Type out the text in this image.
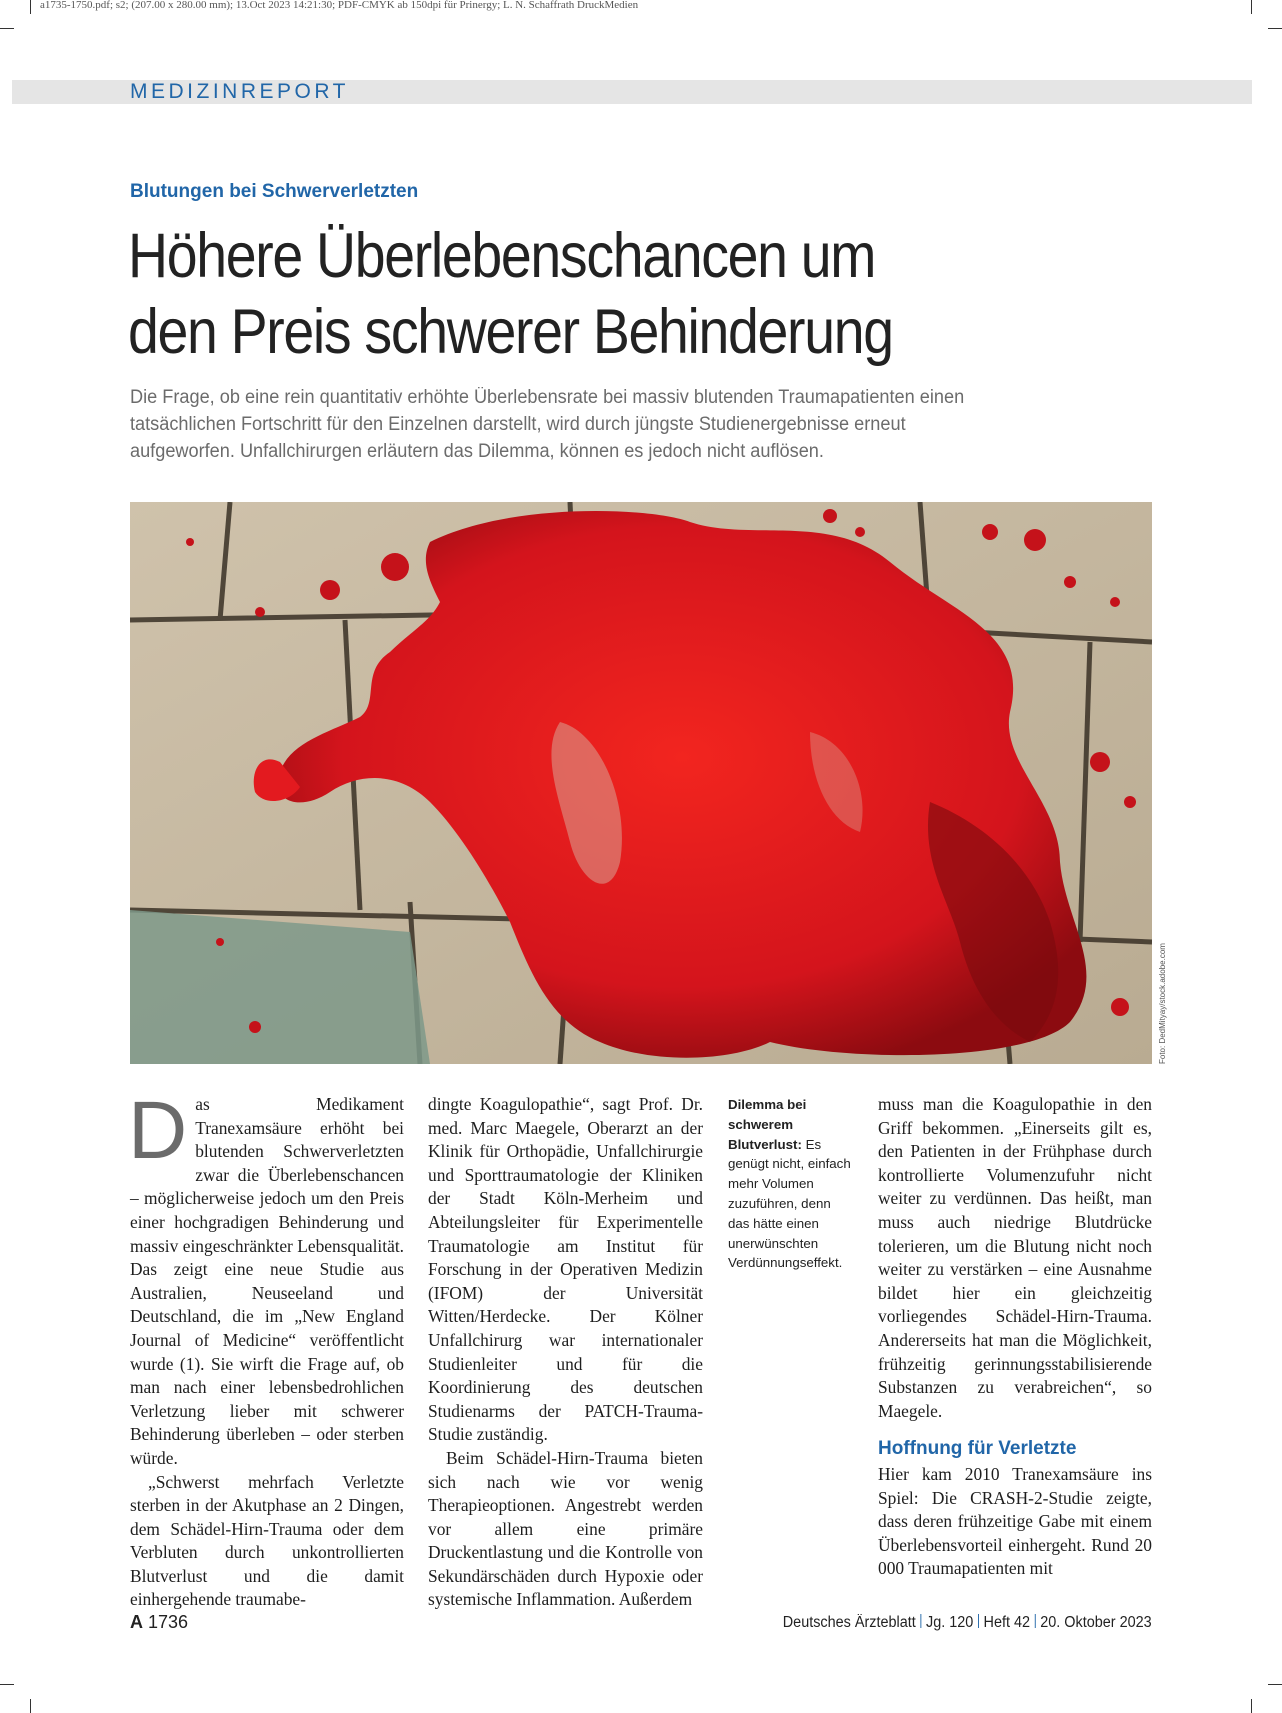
a1735-1750.pdf; s2; (207.00 x 280.00 mm); 13.Oct 2023 14:21:30; PDF-CMYK ab 150dpi für Prinergy; L. N. Schaffrath DruckMedien
MEDIZINREPORT
Blutungen bei Schwerverletzten
Höhere Überlebenschancen um
den Preis schwerer Behinderung
Die Frage, ob eine rein quantitativ erhöhte Überlebensrate bei massiv blutenden Traumapatienten einen tatsächlichen Fortschritt für den Einzelnen darstellt, wird durch jüngste Studienergebnisse erneut aufgeworfen. Unfallchirurgen erläutern das Dilemma, können es jedoch nicht auflösen.
Foto: DedMityay/stock.adobe.com

Das Medikament Tranexamsäure erhöht bei blutenden Schwerverletzten zwar die Überlebenschancen – möglicherweise jedoch um den Preis einer hochgradigen Behinderung und massiv eingeschränkter Lebensqualität. Das zeigt eine neue Studie aus Australien, Neuseeland und Deutschland, die im „New England Journal of Medicine“ veröffentlicht wurde (1). Sie wirft die Frage auf, ob man nach einer lebensbedrohlichen Verletzung lieber mit schwerer Behinderung überleben – oder sterben würde.

„Schwerst mehrfach Verletzte sterben in der Akutphase an 2 Dingen, dem Schädel-Hirn-Trauma oder dem Verbluten durch unkontrollierten Blutverlust und die damit einhergehende traumabe-

dingte Koagulopathie“, sagt Prof. Dr. med. Marc Maegele, Oberarzt an der Klinik für Orthopädie, Unfallchirurgie und Sporttraumatologie der Kliniken der Stadt Köln-Merheim und Abteilungsleiter für Experimentelle Traumatologie am Institut für Forschung in der Operativen Medizin (IFOM) der Universität Witten/Herdecke. Der Kölner Unfallchirurg war internationaler Studienleiter und für die Koordinierung des deutschen Studienarms der PATCH-Trauma-Studie zuständig.

Beim Schädel-Hirn-Trauma bieten sich nach wie vor wenig Therapieoptionen. Angestrebt werden vor allem eine primäre Druckentlastung und die Kontrolle von Sekundärschäden durch Hypoxie oder systemische Inflammation. Außerdem

Dilemma bei schwerem Blutverlust: Es genügt nicht, einfach mehr Volumen zuzuführen, denn das hätte einen unerwünschten Verdünnungseffekt.

muss man die Koagulopathie in den Griff bekommen. „Einerseits gilt es, den Patienten in der Frühphase durch kontrollierte Volumenzufuhr nicht weiter zu verdünnen. Das heißt, man muss auch niedrige Blutdrücke tolerieren, um die Blutung nicht noch weiter zu verstärken – eine Ausnahme bildet hier ein gleichzeitig vorliegendes Schädel-Hirn-Trauma. Andererseits hat man die Möglichkeit, frühzeitig gerinnungsstabilisierende Substanzen zu verabreichen“, so Maegele.

Hoffnung für Verletzte

Hier kam 2010 Tranexamsäure ins Spiel: Die CRASH-2-Studie zeigte, dass deren frühzeitige Gabe mit einem Überlebensvorteil einhergeht. Rund 20 000 Traumapatienten mit

A 1736	Deutsches Ärzteblatt Jg. 120 Heft 42 20. Oktober 2023
